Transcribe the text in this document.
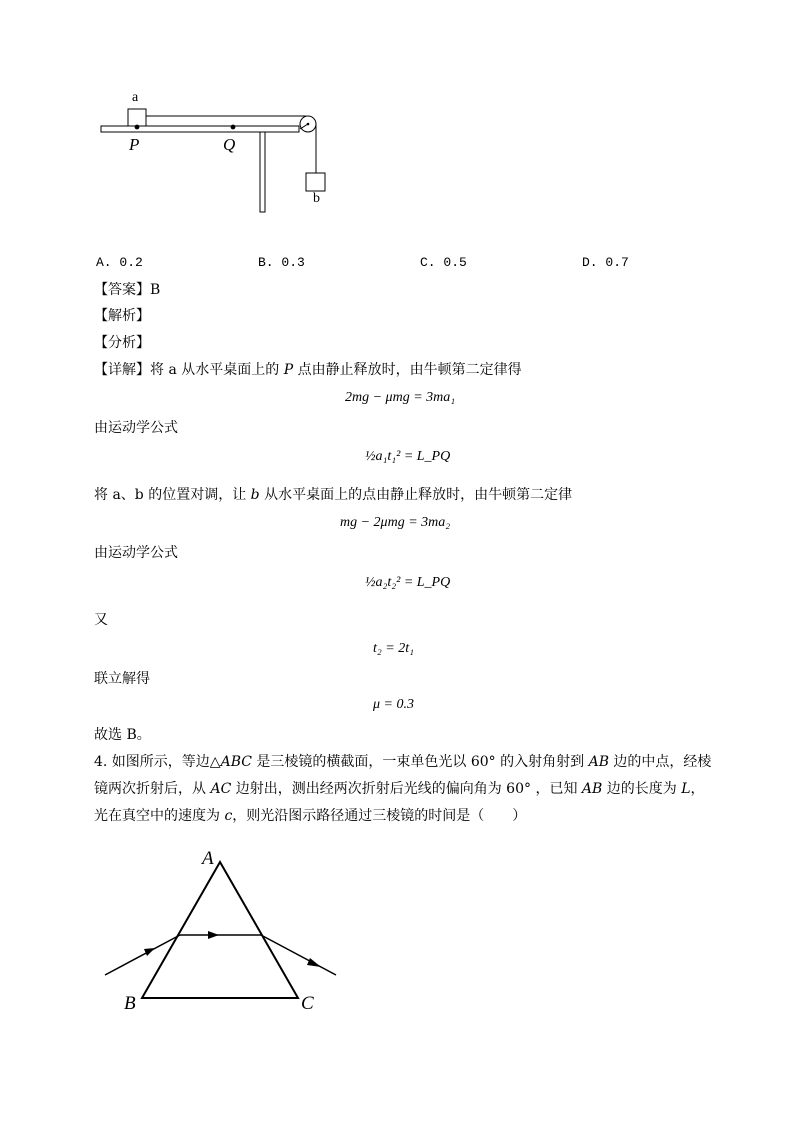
a
P	Q
b
A. 0.2	B. 0.3	C. 0.5	D. 0.7
【答案】B
【解析】
【分析】
【详解】将 a 从水平桌面上的 P 点由静止释放时，由牛顿第二定律得
2mg − μmg = 3ma₁
由运动学公式
½a₁t₁² = L_PQ
将 a、b 的位置对调，让 b 从水平桌面上的点由静止释放时，由牛顿第二定律
mg − 2μmg = 3ma₂
由运动学公式
½a₂t₂² = L_PQ
又
t₂ = 2t₁
联立解得
μ = 0.3
故选 B。
4. 如图所示，等边△ABC 是三棱镜的横截面，一束单色光以 60° 的入射角射到 AB 边的中点，经棱
镜两次折射后，从 AC 边射出，测出经两次折射后光线的偏向角为 60° ，已知 AB 边的长度为 L，
光在真空中的速度为 c，则光沿图示路径通过三棱镜的时间是（　　）
A
B	C
